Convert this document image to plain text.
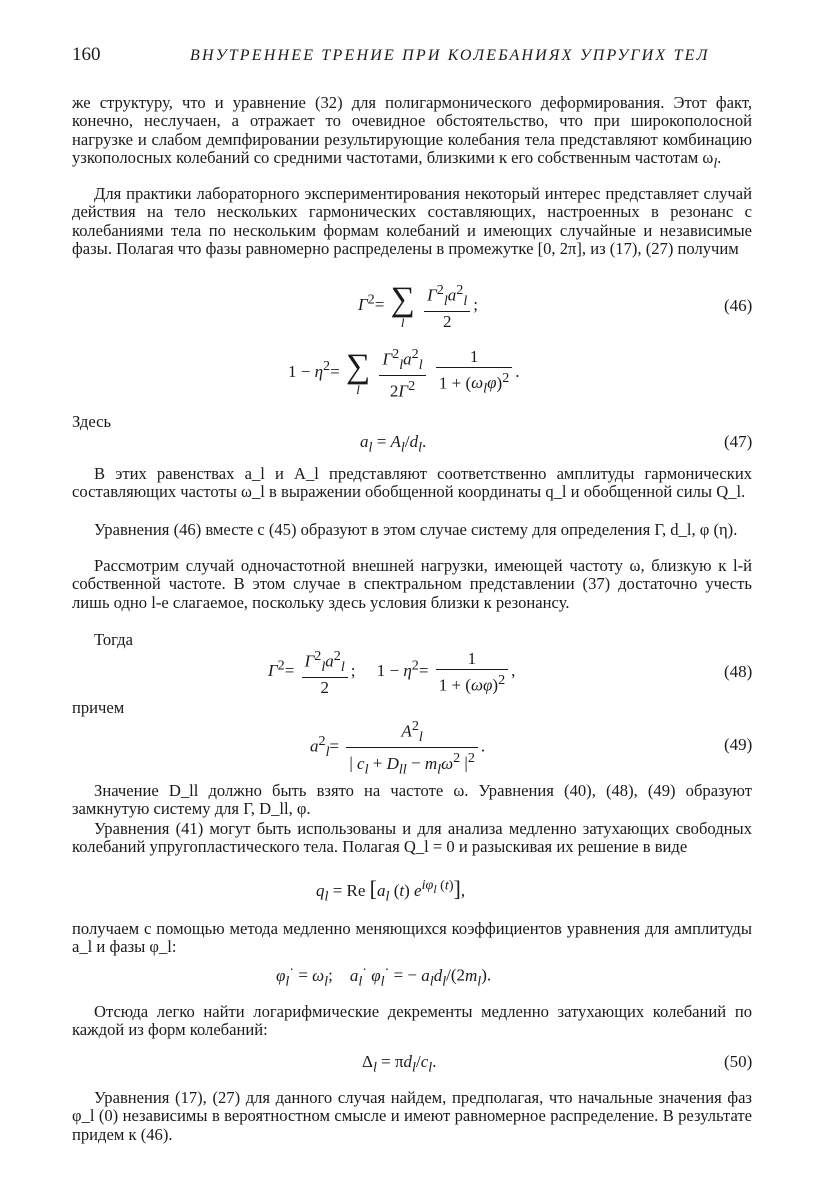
160	ВНУТРЕННЕЕ ТРЕНИЕ ПРИ КОЛЕБАНИЯХ УПРУГИХ ТЕЛ
же структуру, что и уравнение (32) для полигармонического деформирования. Этот факт, конечно, неслучаен, а отражает то очевидное обстоятельство, что при широкополосной нагрузке и слабом демпфировании результирующие колебания тела представляют комбинацию узкополосных колебаний со средними частотами, близкими к его собственным частотам $\omega_l$.
Для практики лабораторного экспериментирования некоторый интерес представляет случай действия на тело нескольких гармонических составляющих, настроенных в резонанс с колебаниями тела по нескольким формам колебаний и имеющих случайные и независимые фазы. Полагая что фазы равномерно распределены в промежутке [0, 2π], из (17), (27) получим
$\Gamma^2=$ ∑
l
	$\frac{\Gamma^2_la^2_l}{2}$ ;	(46)
$1 - \eta^2=$ ∑
l
	$\frac{\Gamma^2_la^2_l}{2\Gamma^2}$
$\frac{1}{1 + (\omega_l\varphi)^2}$ .
Здесь
$a_l = A_l/d_l$.	(47)
В этих равенствах a_l и A_l представляют соответственно амплитуды гармонических составляющих частоты ω_l в выражении обобщенной координаты q_l и обобщенной силы Q_l.
Уравнения (46) вместе с (45) образуют в этом случае систему для определения Γ, d_l, φ (η).
Рассмотрим случай одночастотной внешней нагрузки, имеющей частоту ω, близкую к l-й собственной частоте. В этом случае в спектральном представлении (37) достаточно учесть лишь одно l-е слагаемое, поскольку здесь условия близки к резонансу.
Тогда
$\Gamma^2= \frac{\Gamma^2_la^2_l}{2}$ ;     $1 - \eta^2= \frac{1}{1 + (\omega\varphi)^2}$ ,	(48)
причем
$a^2_l= \frac{A^2_l}{| c_l + D_{ll} - m_l\omega^2 |^2}$ .	(49)
Значение D_ll должно быть взято на частоте ω. Уравнения (40), (48), (49) образуют замкнутую систему для Γ, D_ll, φ.
Уравнения (41) могут быть использованы и для анализа медленно затухающих свободных колебаний упругопластического тела. Полагая Q_l = 0 и разыскивая их решение в виде
$q_l = Re$ [$a_l$ (t) $e^{i\varphi_l (t)}$],
получаем с помощью метода медленно меняющихся коэффициентов уравнения для амплитуды a_l и фазы φ_l:
$\varphi_l^\cdot = \omega_l$;    $a_l^\cdot$ $\varphi_l^\cdot$ = − $a_ld_l/(2m_l)$.
Отсюда легко найти логарифмические декременты медленно затухающих колебаний по каждой из форм колебаний:
$\Delta_l = \pi d_l/c_l$.	(50)
Уравнения (17), (27) для данного случая найдем, предполагая, что начальные значения фаз φ_l (0) независимы в вероятностном смысле и имеют равномерное распределение. В результате придем к (46).
